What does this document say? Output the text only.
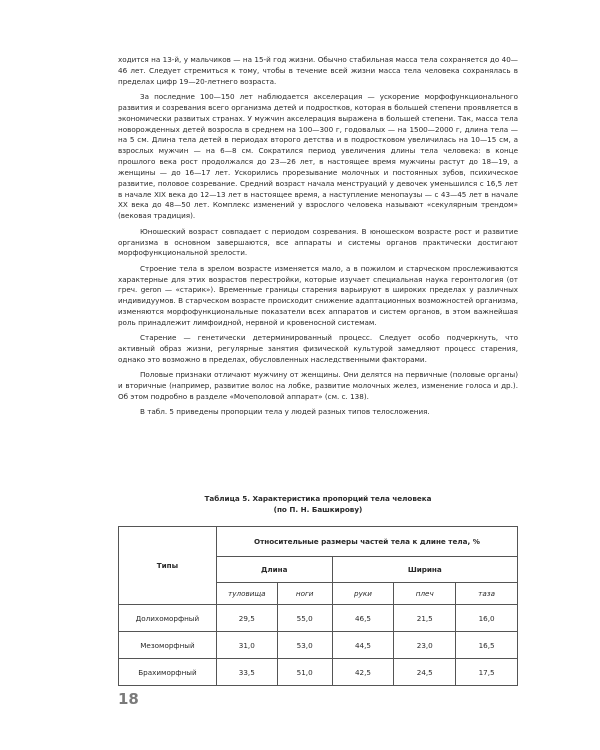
ходится на 13-й, у мальчиков — на 15-й год жизни. Обычно стабильная масса тела сохраняется до 40—46 лет. Следует стремиться к тому, чтобы в течение всей жизни масса тела человека сохранялась в пределах цифр 19—20-летнего возраста.

За последние 100—150 лет наблюдается акселерация — ускорение морфофункционального развития и созревания всего организма детей и подростков, которая в большей степени проявляется в экономически развитых странах. У мужчин акселерация выражена в большей степени. Так, масса тела новорожденных детей возросла в среднем на 100—300 г, годовалых — на 1500—2000 г, длина тела — на 5 см. Длина тела детей в периодах второго детства и в подростковом увеличилась на 10—15 см, а взрослых мужчин — на 6—8 см. Сократился период увеличения длины тела человека: в конце прошлого века рост продолжался до 23—26 лет, в настоящее время мужчины растут до 18—19, а женщины — до 16—17 лет. Ускорились прорезывание молочных и постоянных зубов, психическое развитие, половое созревание. Средний возраст начала менструаций у девочек уменьшился с 16,5 лет в начале XIX века до 12—13 лет в настоящее время, а наступление менопаузы — с 43—45 лет в начале XX века до 48—50 лет. Комплекс изменений у взрослого человека называют «секулярным трендом» (вековая традиция).

Юношеский возраст совпадает с периодом созревания. В юношеском возрасте рост и развитие организма в основном завершаются, все аппараты и системы органов практически достигают морфофункциональной зрелости.

Строение тела в зрелом возрасте изменяется мало, а в пожилом и старческом прослеживаются характерные для этих возрастов перестройки, которые изучает специальная наука геронтология (от греч. geron — «старик»). Временные границы старения варьируют в широких пределах у различных индивидуумов. В старческом возрасте происходит снижение адаптационных возможностей организма, изменяются морфофункциональные показатели всех аппаратов и систем органов, в этом важнейшая роль принадлежит лимфоидной, нервной и кровеносной системам.

Старение — генетически детерминированный процесс. Следует особо подчеркнуть, что активный образ жизни, регулярные занятия физической культурой замедляют процесс старения, однако это возможно в пределах, обусловленных наследственными факторами.

Половые признаки отличают мужчину от женщины. Они делятся на первичные (половые органы) и вторичные (например, развитие волос на лобке, развитие молочных желез, изменение голоса и др.). Об этом подробно в разделе «Мочеполовой аппарат» (см. с. 138).

В табл. 5 приведены пропорции тела у людей разных типов телосложения.

Таблица 5. Характеристика пропорций тела человека
(по П. Н. Башкирову)
Типы	Относительные размеры частей тела к длине тела, %				
	Длина		Ширина		
	туловища	ноги	руки	плеч	таза
Долихоморфный	29,5	55,0	46,5	21,5	16,0
Мезоморфный	31,0	53,0	44,5	23,0	16,5
Брахиморфный	33,5	51,0	42,5	24,5	17,5
18
